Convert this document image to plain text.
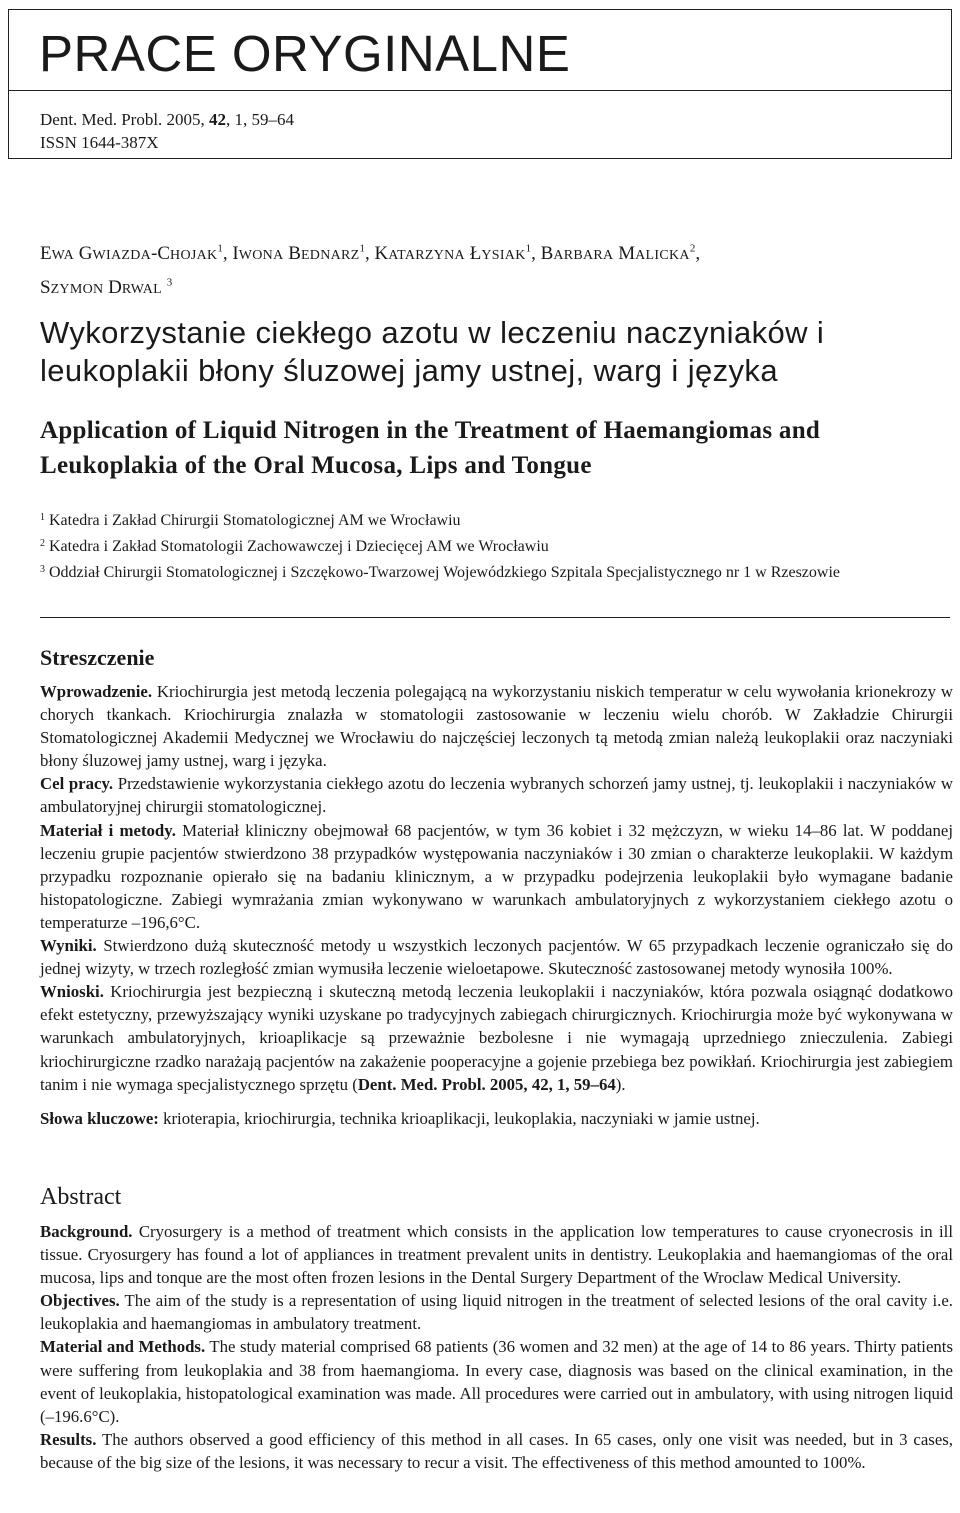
PRACE ORYGINALNE
Dent. Med. Probl. 2005, 42, 1, 59–64
ISSN 1644-387X
EWA GWIAZDA-CHOJAK$^1$, IWONA BEDNARZ$^1$, KATARZYNA ŁYSIAK$^1$, BARBARA MALICKA$^2$,
SZYMON DRWAL $^3$
Wykorzystanie ciekłego azotu w leczeniu naczyniaków i leukoplakii błony śluzowej jamy ustnej, warg i języka
Application of Liquid Nitrogen in the Treatment of Haemangiomas and Leukoplakia of the Oral Mucosa, Lips and Tongue
$^1$ Katedra i Zakład Chirurgii Stomatologicznej AM we Wrocławiu
$^2$ Katedra i Zakład Stomatologii Zachowawczej i Dziecięcej AM we Wrocławiu
$^3$ Oddział Chirurgii Stomatologicznej i Szczękowo-Twarzowej Wojewódzkiego Szpitala Specjalistycznego nr 1 w Rzeszowie
Streszczenie

Wprowadzenie. Kriochirurgia jest metodą leczenia polegającą na wykorzystaniu niskich temperatur w celu wywołania krionekrozy w chorych tkankach. Kriochirurgia znalazła w stomatologii zastosowanie w leczeniu wielu chorób. W Zakładzie Chirurgii Stomatologicznej Akademii Medycznej we Wrocławiu do najczęściej leczonych tą metodą zmian należą leukoplakii oraz naczyniaki błony śluzowej jamy ustnej, warg i języka.

Cel pracy. Przedstawienie wykorzystania ciekłego azotu do leczenia wybranych schorzeń jamy ustnej, tj. leukoplakii i naczyniaków w ambulatoryjnej chirurgii stomatologicznej.

Materiał i metody. Materiał kliniczny obejmował 68 pacjentów, w tym 36 kobiet i 32 mężczyzn, w wieku 14–86 lat. W poddanej leczeniu grupie pacjentów stwierdzono 38 przypadków występowania naczyniaków i 30 zmian o charakterze leukoplakii. W każdym przypadku rozpoznanie opierało się na badaniu klinicznym, a w przypadku podejrzenia leukoplakii było wymagane badanie histopatologiczne. Zabiegi wymrażania zmian wykonywano w warunkach ambulatoryjnych z wykorzystaniem ciekłego azotu o temperaturze –196,6°C.

Wyniki. Stwierdzono dużą skuteczność metody u wszystkich leczonych pacjentów. W 65 przypadkach leczenie ograniczało się do jednej wizyty, w trzech rozległość zmian wymusiła leczenie wieloetapowe. Skuteczność zastosowanej metody wynosiła 100%.

Wnioski. Kriochirurgia jest bezpieczną i skuteczną metodą leczenia leukoplakii i naczyniaków, która pozwala osiągnąć dodatkowo efekt estetyczny, przewyższający wyniki uzyskane po tradycyjnych zabiegach chirurgicznych. Kriochirurgia może być wykonywana w warunkach ambulatoryjnych, krioaplikacje są przeważnie bezbolesne i nie wymagają uprzedniego znieczulenia. Zabiegi kriochirurgiczne rzadko narażają pacjentów na zakażenie pooperacyjne a gojenie przebiega bez powikłań. Kriochirurgia jest zabiegiem tanim i nie wymaga specjalistycznego sprzętu (Dent. Med. Probl. 2005, 42, 1, 59–64).

Słowa kluczowe: krioterapia, kriochirurgia, technika krioaplikacji, leukoplakia, naczyniaki w jamie ustnej.

Abstract

Background. Cryosurgery is a method of treatment which consists in the application low temperatures to cause cryonecrosis in ill tissue. Cryosurgery has found a lot of appliances in treatment prevalent units in dentistry. Leukoplakia and haemangiomas of the oral mucosa, lips and tonque are the most often frozen lesions in the Dental Surgery Department of the Wroclaw Medical University.

Objectives. The aim of the study is a representation of using liquid nitrogen in the treatment of selected lesions of the oral cavity i.e. leukoplakia and haemangiomas in ambulatory treatment.

Material and Methods. The study material comprised 68 patients (36 women and 32 men) at the age of 14 to 86 years. Thirty patients were suffering from leukoplakia and 38 from haemangioma. In every case, diagnosis was based on the clinical examination, in the event of leukoplakia, histopatological examination was made. All procedures were carried out in ambulatory, with using nitrogen liquid (–196.6°C).

Results. The authors observed a good efficiency of this method in all cases. In 65 cases, only one visit was needed, but in 3 cases, because of the big size of the lesions, it was necessary to recur a visit. The effectiveness of this method amounted to 100%.
